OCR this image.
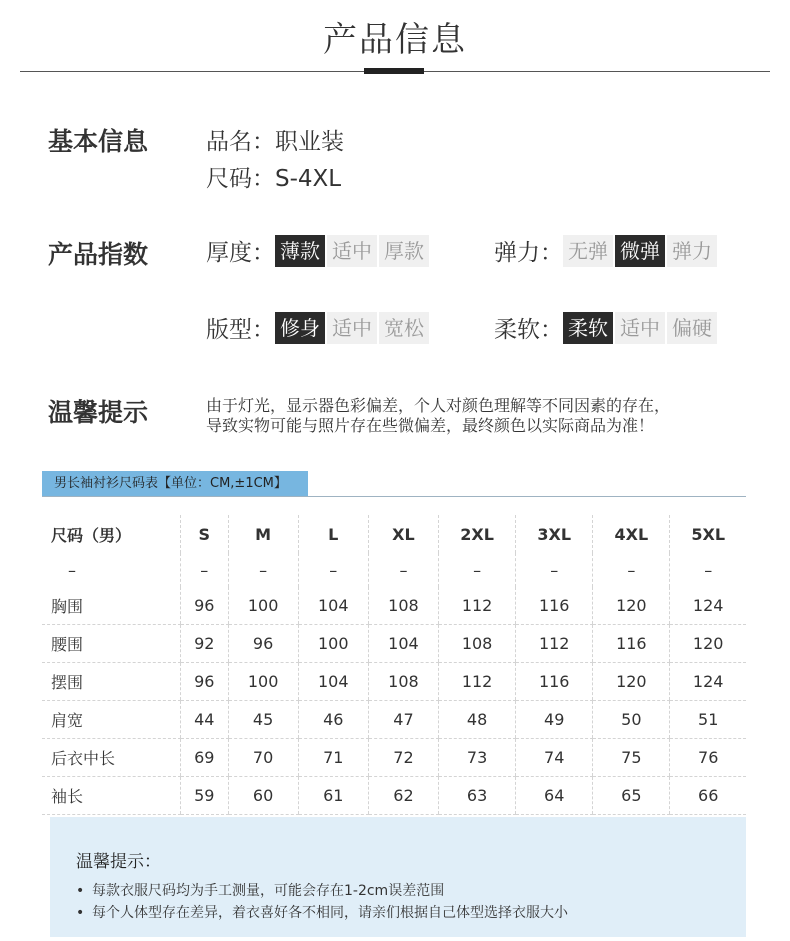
产品信息
基本信息	品名：职业装
尺码：S-4XL
产品指数	厚度： 薄款 适中 厚款	弹力： 无弹 微弹 弹力
版型： 修身 适中 宽松	柔软： 柔软 适中 偏硬
温馨提示	由于灯光，显示器色彩偏差，个人对颜色理解等不同因素的存在，
导致实物可能与照片存在些微偏差，最终颜色以实际商品为准！
男长袖衬衫尺码表【单位：CM,±1CM】
尺码（男）	S	M	L	XL	2XL	3XL	4XL	5XL
–	–	–	–	–	–	–	–	–
胸围	96	100	104	108	112	116	120	124
腰围	92	96	100	104	108	112	116	120
摆围	96	100	104	108	112	116	120	124
肩宽	44	45	46	47	48	49	50	51
后衣中长	69	70	71	72	73	74	75	76
袖长	59	60	61	62	63	64	65	66
温馨提示：
• 每款衣服尺码均为手工测量，可能会存在1-2cm误差范围
• 每个人体型存在差异，着衣喜好各不相同，请亲们根据自己体型选择衣服大小
